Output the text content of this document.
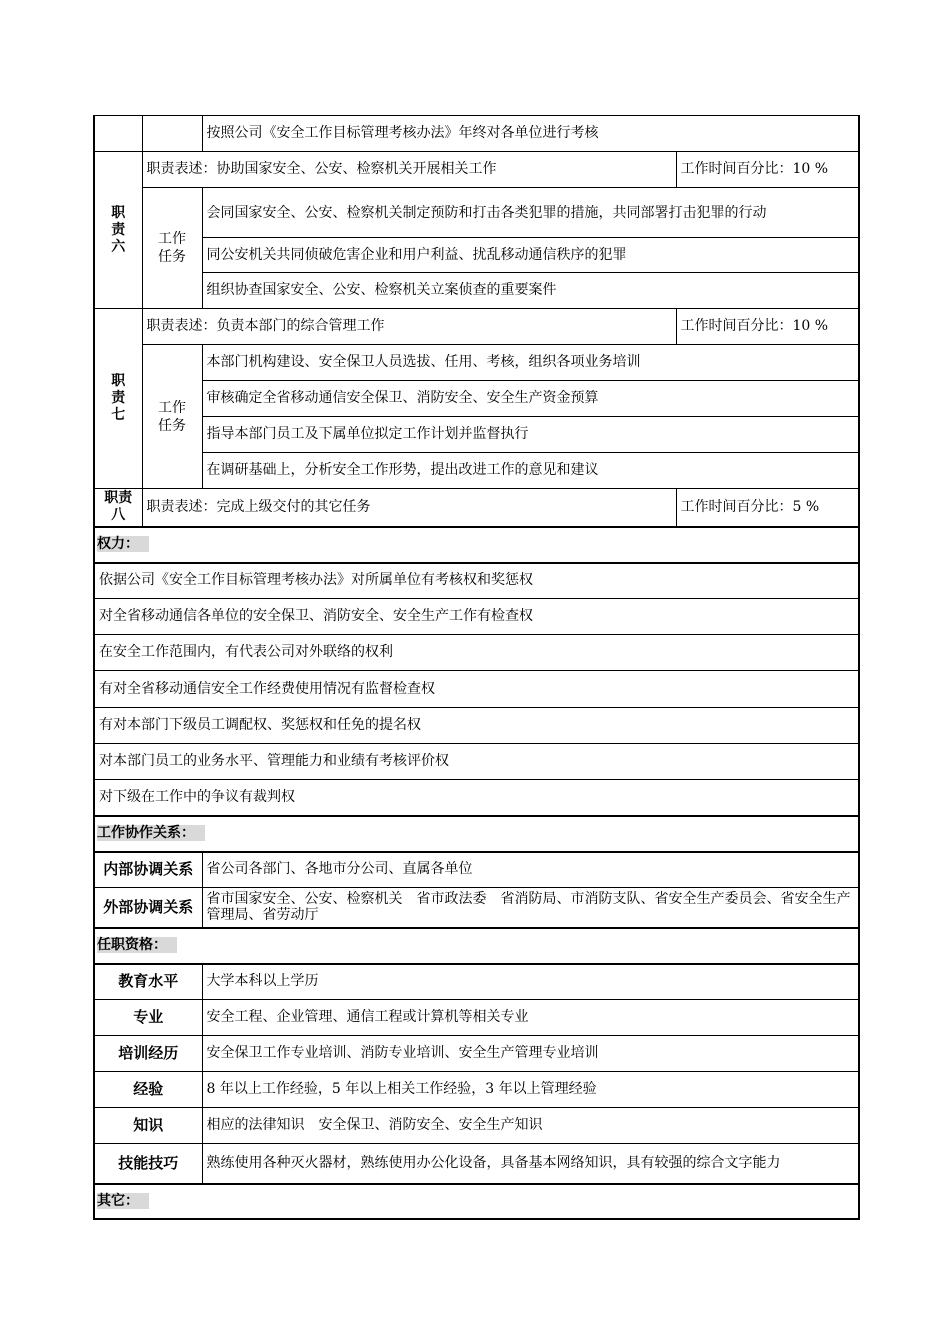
		按照公司《安全工作目标管理考核办法》年终对各单位进行考核	
职
责
六	职责表述：协助国家安全、公安、检察机关开展相关工作		工作时间百分比：10 %
	工作
任务	会同国家安全、公安、检察机关制定预防和打击各类犯罪的措施，共同部署打击犯罪的行动	
		同公安机关共同侦破危害企业和用户利益、扰乱移动通信秩序的犯罪	
		组织协查国家安全、公安、检察机关立案侦查的重要案件	
职
责
七	职责表述：负责本部门的综合管理工作		工作时间百分比：10 %
	工作
任务	本部门机构建设、安全保卫人员选拔、任用、考核，组织各项业务培训	
		审核确定全省移动通信安全保卫、消防安全、安全生产资金预算	
		指导本部门员工及下属单位拟定工作计划并监督执行	
		在调研基础上，分析安全工作形势，提出改进工作的意见和建议	
职责
八	职责表述：完成上级交付的其它任务		工作时间百分比：5 %
权力：			
依据公司《安全工作目标管理考核办法》对所属单位有考核权和奖惩权			
对全省移动通信各单位的安全保卫、消防安全、安全生产工作有检查权			
在安全工作范围内，有代表公司对外联络的权利			
有对全省移动通信安全工作经费使用情况有监督检查权			
有对本部门下级员工调配权、奖惩权和任免的提名权			
对本部门员工的业务水平、管理能力和业绩有考核评价权			
对下级在工作中的争议有裁判权			
工作协作关系：			
内部协调关系		省公司各部门、各地市分公司、直属各单位	
外部协调关系		省市国家安全、公安、检察机关　省市政法委　省消防局、市消防支队、省安全生产委员会、省安全生产管理局、省劳动厅	
任职资格：			
教育水平		大学本科以上学历	
专业		安全工程、企业管理、通信工程或计算机等相关专业	
培训经历		安全保卫工作专业培训、消防专业培训、安全生产管理专业培训	
经验		8 年以上工作经验，5 年以上相关工作经验，3 年以上管理经验	
知识		相应的法律知识　安全保卫、消防安全、安全生产知识	
技能技巧		熟练使用各种灭火器材，熟练使用办公化设备，具备基本网络知识，具有较强的综合文字能力	
其它：			
